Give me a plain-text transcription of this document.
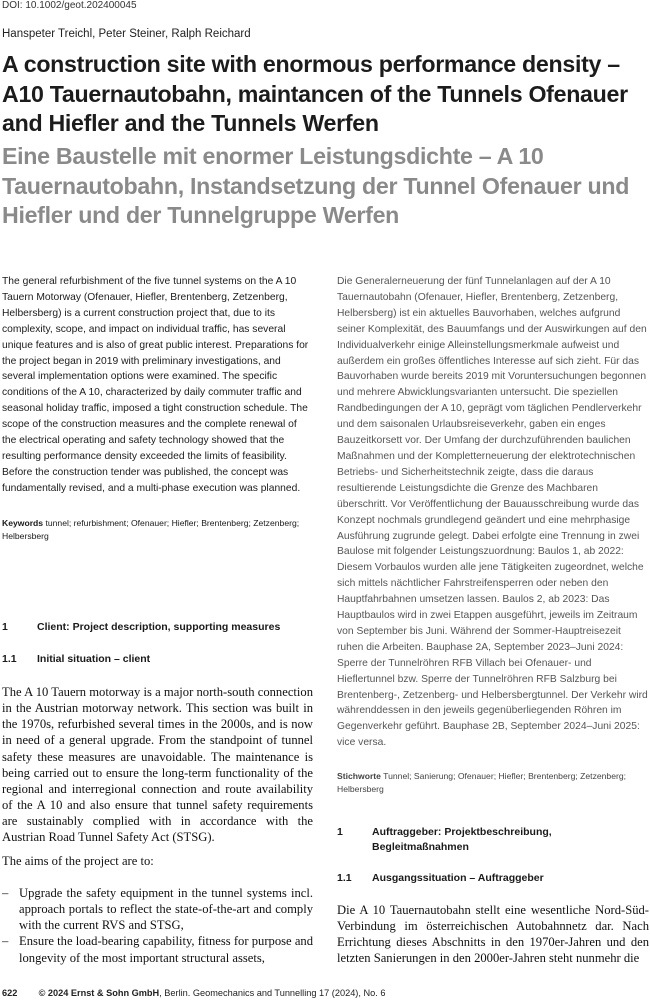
DOI: 10.1002/geot.202400045
Hanspeter Treichl, Peter Steiner, Ralph Reichard
A construction site with enormous performance density – A10 Tauernautobahn, maintancen of the Tunnels Ofenauer and Hiefler and the Tunnels Werfen
Eine Baustelle mit enormer Leistungsdichte – A 10 Tauernautobahn, Instandsetzung der Tunnel Ofenauer und Hiefler und der Tunnelgruppe Werfen

The general refurbishment of the five tunnel systems on the A 10 Tauern Motorway (Ofenauer, Hiefler, Brentenberg, Zetzenberg, Helbersberg) is a current construction project that, due to its complexity, scope, and impact on individual traffic, has several unique features and is also of great public interest. Preparations for the project began in 2019 with preliminary investigations, and several implementation options were examined. The specific conditions of the A 10, characterized by daily commuter traffic and seasonal holiday traffic, imposed a tight construction schedule. The scope of the construction measures and the complete renewal of the electrical operating and safety technology showed that the resulting performance density exceeded the limits of feasibility. Before the construction tender was published, the concept was fundamentally revised, and a multi-phase execution was planned.

Keywords tunnel; refurbishment; Ofenauer; Hiefler; Brentenberg; Zetzenberg; Helbersberg
1	Client: Project description, supporting measures
1.1	Initial situation – client

The A 10 Tauern motorway is a major north-south connection in the Austrian motorway network. This section was built in the 1970s, refurbished several times in the 2000s, and is now in need of a general upgrade. From the standpoint of tunnel safety these measures are unavoidable. The maintenance is being carried out to ensure the long-term functionality of the regional and interregional connection and route availability of the A 10 and also ensure that tunnel safety requirements are sustainably complied with in accordance with the Austrian Road Tunnel Safety Act (STSG).

The aims of the project are to:
– Upgrade the safety equipment in the tunnel systems incl. approach portals to reflect the state-of-the-art and comply with the current RVS and STSG,
– Ensure the load-bearing capability, fitness for purpose and longevity of the most important structural assets,

Die Generalerneuerung der fünf Tunnelanlagen auf der A 10 Tauernautobahn (Ofenauer, Hiefler, Brentenberg, Zetzenberg, Helbersberg) ist ein aktuelles Bauvorhaben, welches aufgrund seiner Komplexität, des Bauumfangs und der Auswirkungen auf den Individualverkehr einige Alleinstellungsmerkmale aufweist und außerdem ein großes öffentliches Interesse auf sich zieht. Für das Bauvorhaben wurde bereits 2019 mit Voruntersuchungen begonnen und mehrere Abwicklungsvarianten untersucht. Die speziellen Randbedingungen der A 10, geprägt vom täglichen Pendlerverkehr und dem saisonalen Urlaubsreiseverkehr, gaben ein enges Bauzeitkorsett vor. Der Umfang der durchzuführenden baulichen Maßnahmen und der Kompletterneuerung der elektrotechnischen Betriebs- und Sicherheitstechnik zeigte, dass die daraus resultierende Leistungsdichte die Grenze des Machbaren überschritt. Vor Veröffentlichung der Bauausschreibung wurde das Konzept nochmals grundlegend geändert und eine mehrphasige Ausführung zugrunde gelegt. Dabei erfolgte eine Trennung in zwei Baulose mit folgender Leistungszuordnung: Baulos 1, ab 2022: Diesem Vorbaulos wurden alle jene Tätigkeiten zugeordnet, welche sich mittels nächtlicher Fahrstreifensperren oder neben den Hauptfahrbahnen umsetzen lassen. Baulos 2, ab 2023: Das Hauptbaulos wird in zwei Etappen ausgeführt, jeweils im Zeitraum von September bis Juni. Während der Sommer-Hauptreisezeit ruhen die Arbeiten. Bauphase 2A, September 2023–Juni 2024: Sperre der Tunnelröhren RFB Villach bei Ofenauer- und Hieflertunnel bzw. Sperre der Tunnelröhren RFB Salzburg bei Brentenberg-, Zetzenberg- und Helbersbergtunnel. Der Verkehr wird währenddessen in den jeweils gegenüberliegenden Röhren im Gegenverkehr geführt. Bauphase 2B, September 2024–Juni 2025: vice versa.

Stichworte Tunnel; Sanierung; Ofenauer; Hiefler; Brentenberg; Zetzenberg; Helbersberg
1	Auftraggeber: Projektbeschreibung, Begleitmaßnahmen
1.1	Ausgangssituation – Auftraggeber

Die A 10 Tauernautobahn stellt eine wesentliche Nord-Süd-Verbindung im österreichischen Autobahnnetz dar. Nach Errichtung dieses Abschnitts in den 1970er-Jahren und den letzten Sanierungen in den 2000er-Jahren steht nunmehr die

622 © 2024 Ernst & Sohn GmbH, Berlin. Geomechanics and Tunnelling 17 (2024), No. 6
